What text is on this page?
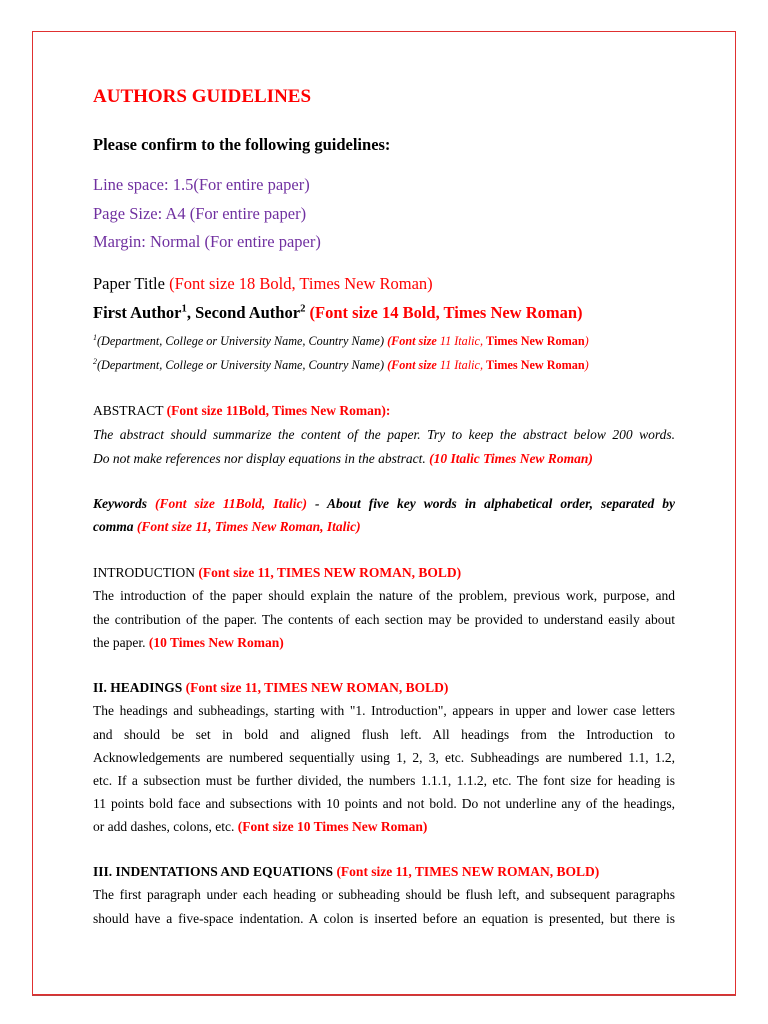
AUTHORS GUIDELINES
Please confirm to the following guidelines:
Line space: 1.5(For entire paper)
Page Size: A4 (For entire paper)
Margin: Normal (For entire paper)
Paper Title (Font size 18 Bold, Times New Roman)
First Author$^1$, Second Author$^2$ (Font size 14 Bold, Times New Roman)
$^1$(Department, College or University Name, Country Name) (Font size 11 Italic, Times New Roman)
$^2$(Department, College or University Name, Country Name) (Font size 11 Italic, Times New Roman)
ABSTRACT (Font size 11Bold, Times New Roman):
The abstract should summarize the content of the paper. Try to keep the abstract below 200 words.
Do not make references nor display equations in the abstract. (10 Italic Times New Roman)
Keywords (Font size 11Bold, Italic) - About five key words in alphabetical order, separated by
comma (Font size 11, Times New Roman, Italic)
INTRODUCTION (Font size 11, TIMES NEW ROMAN, BOLD)
The introduction of the paper should explain the nature of the problem, previous work, purpose, and
the contribution of the paper. The contents of each section may be provided to understand easily about
the paper. (10 Times New Roman)
II. HEADINGS (Font size 11, TIMES NEW ROMAN, BOLD)
The headings and subheadings, starting with "1. Introduction", appears in upper and lower case letters
and should be set in bold and aligned flush left. All headings from the Introduction to
Acknowledgements are numbered sequentially using 1, 2, 3, etc. Subheadings are numbered 1.1, 1.2,
etc. If a subsection must be further divided, the numbers 1.1.1, 1.1.2, etc. The font size for heading is
11 points bold face and subsections with 10 points and not bold. Do not underline any of the headings,
or add dashes, colons, etc. (Font size 10 Times New Roman)
III. INDENTATIONS AND EQUATIONS (Font size 11, TIMES NEW ROMAN, BOLD)
The first paragraph under each heading or subheading should be flush left, and subsequent paragraphs
should have a five-space indentation. A colon is inserted before an equation is presented, but there is
